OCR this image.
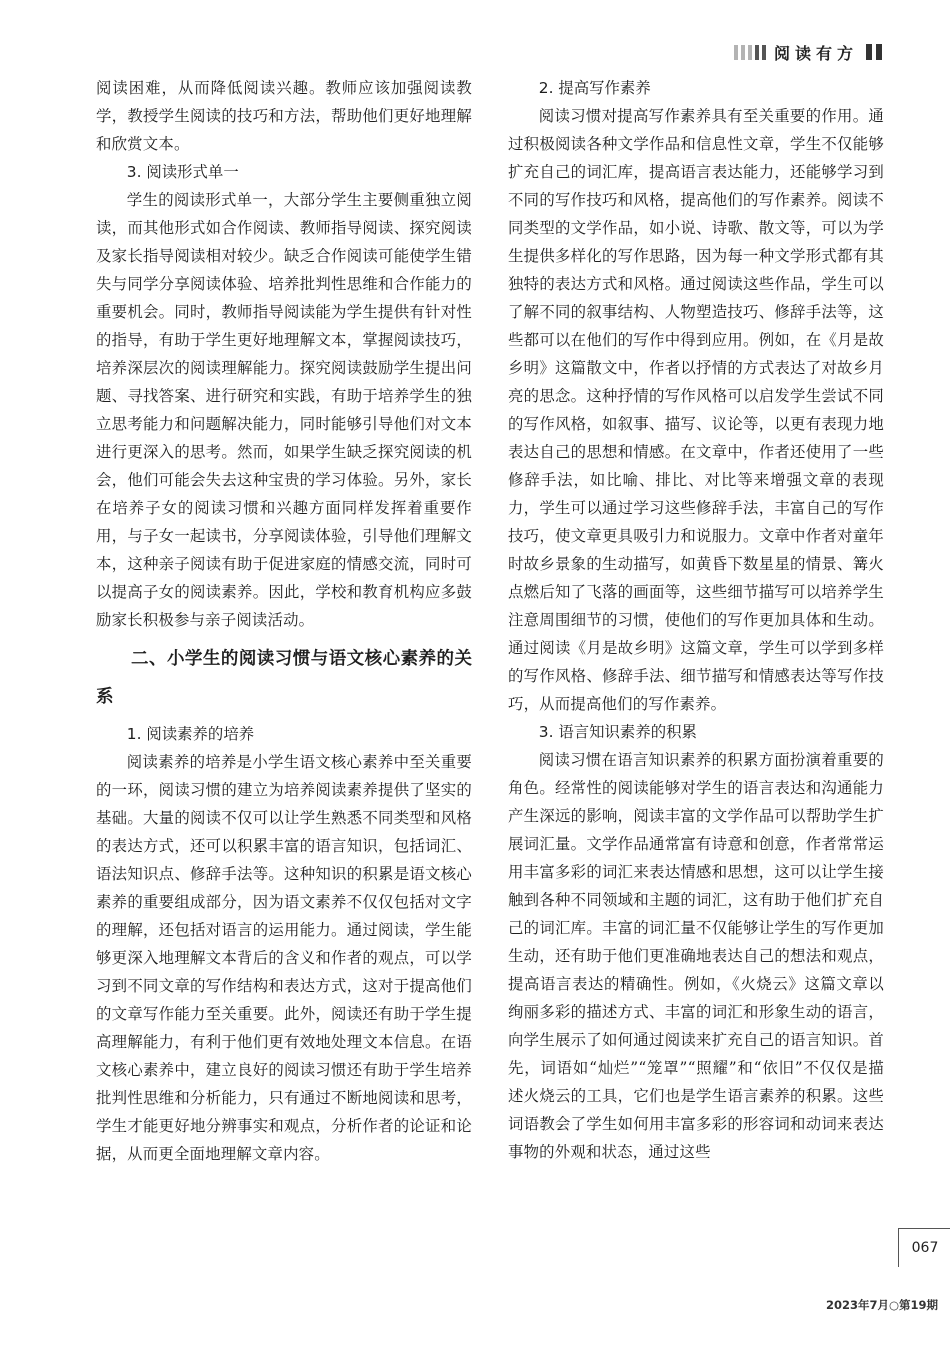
阅读有方

阅读困难，从而降低阅读兴趣。教师应该加强阅读教学，教授学生阅读的技巧和方法，帮助他们更好地理解和欣赏文本。

3. 阅读形式单一

学生的阅读形式单一，大部分学生主要侧重独立阅读，而其他形式如合作阅读、教师指导阅读、探究阅读及家长指导阅读相对较少。缺乏合作阅读可能使学生错失与同学分享阅读体验、培养批判性思维和合作能力的重要机会。同时，教师指导阅读能为学生提供有针对性的指导，有助于学生更好地理解文本，掌握阅读技巧，培养深层次的阅读理解能力。探究阅读鼓励学生提出问题、寻找答案、进行研究和实践，有助于培养学生的独立思考能力和问题解决能力，同时能够引导他们对文本进行更深入的思考。然而，如果学生缺乏探究阅读的机会，他们可能会失去这种宝贵的学习体验。另外，家长在培养子女的阅读习惯和兴趣方面同样发挥着重要作用，与子女一起读书，分享阅读体验，引导他们理解文本，这种亲子阅读有助于促进家庭的情感交流，同时可以提高子女的阅读素养。因此，学校和教育机构应多鼓励家长积极参与亲子阅读活动。

二、小学生的阅读习惯与语文核心素养的关系
1. 阅读素养的培养

阅读素养的培养是小学生语文核心素养中至关重要的一环，阅读习惯的建立为培养阅读素养提供了坚实的基础。大量的阅读不仅可以让学生熟悉不同类型和风格的表达方式，还可以积累丰富的语言知识，包括词汇、语法知识点、修辞手法等。这种知识的积累是语文核心素养的重要组成部分，因为语文素养不仅仅包括对文字的理解，还包括对语言的运用能力。通过阅读，学生能够更深入地理解文本背后的含义和作者的观点，可以学习到不同文章的写作结构和表达方式，这对于提高他们的文章写作能力至关重要。此外，阅读还有助于学生提高理解能力，有利于他们更有效地处理文本信息。在语文核心素养中，建立良好的阅读习惯还有助于学生培养批判性思维和分析能力，只有通过不断地阅读和思考，学生才能更好地分辨事实和观点，分析作者的论证和论据，从而更全面地理解文章内容。

2. 提高写作素养

阅读习惯对提高写作素养具有至关重要的作用。通过积极阅读各种文学作品和信息性文章，学生不仅能够扩充自己的词汇库，提高语言表达能力，还能够学习到不同的写作技巧和风格，提高他们的写作素养。阅读不同类型的文学作品，如小说、诗歌、散文等，可以为学生提供多样化的写作思路，因为每一种文学形式都有其独特的表达方式和风格。通过阅读这些作品，学生可以了解不同的叙事结构、人物塑造技巧、修辞手法等，这些都可以在他们的写作中得到应用。例如，在《月是故乡明》这篇散文中，作者以抒情的方式表达了对故乡月亮的思念。这种抒情的写作风格可以启发学生尝试不同的写作风格，如叙事、描写、议论等，以更有表现力地表达自己的思想和情感。在文章中，作者还使用了一些修辞手法，如比喻、排比、对比等来增强文章的表现力，学生可以通过学习这些修辞手法，丰富自己的写作技巧，使文章更具吸引力和说服力。文章中作者对童年时故乡景象的生动描写，如黄昏下数星星的情景、篝火点燃后知了飞落的画面等，这些细节描写可以培养学生注意周围细节的习惯，使他们的写作更加具体和生动。通过阅读《月是故乡明》这篇文章，学生可以学到多样的写作风格、修辞手法、细节描写和情感表达等写作技巧，从而提高他们的写作素养。

3. 语言知识素养的积累

阅读习惯在语言知识素养的积累方面扮演着重要的角色。经常性的阅读能够对学生的语言表达和沟通能力产生深远的影响，阅读丰富的文学作品可以帮助学生扩展词汇量。文学作品通常富有诗意和创意，作者常常运用丰富多彩的词汇来表达情感和思想，这可以让学生接触到各种不同领域和主题的词汇，这有助于他们扩充自己的词汇库。丰富的词汇量不仅能够让学生的写作更加生动，还有助于他们更准确地表达自己的想法和观点，提高语言表达的精确性。例如，《火烧云》这篇文章以绚丽多彩的描述方式、丰富的词汇和形象生动的语言，向学生展示了如何通过阅读来扩充自己的语言知识。首先，词语如“灿烂”“笼罩”“照耀”和“依旧”不仅仅是描述火烧云的工具，它们也是学生语言素养的积累。这些词语教会了学生如何用丰富多彩的形容词和动词来表达事物的外观和状态，通过这些

067
2023年7月○第19期
